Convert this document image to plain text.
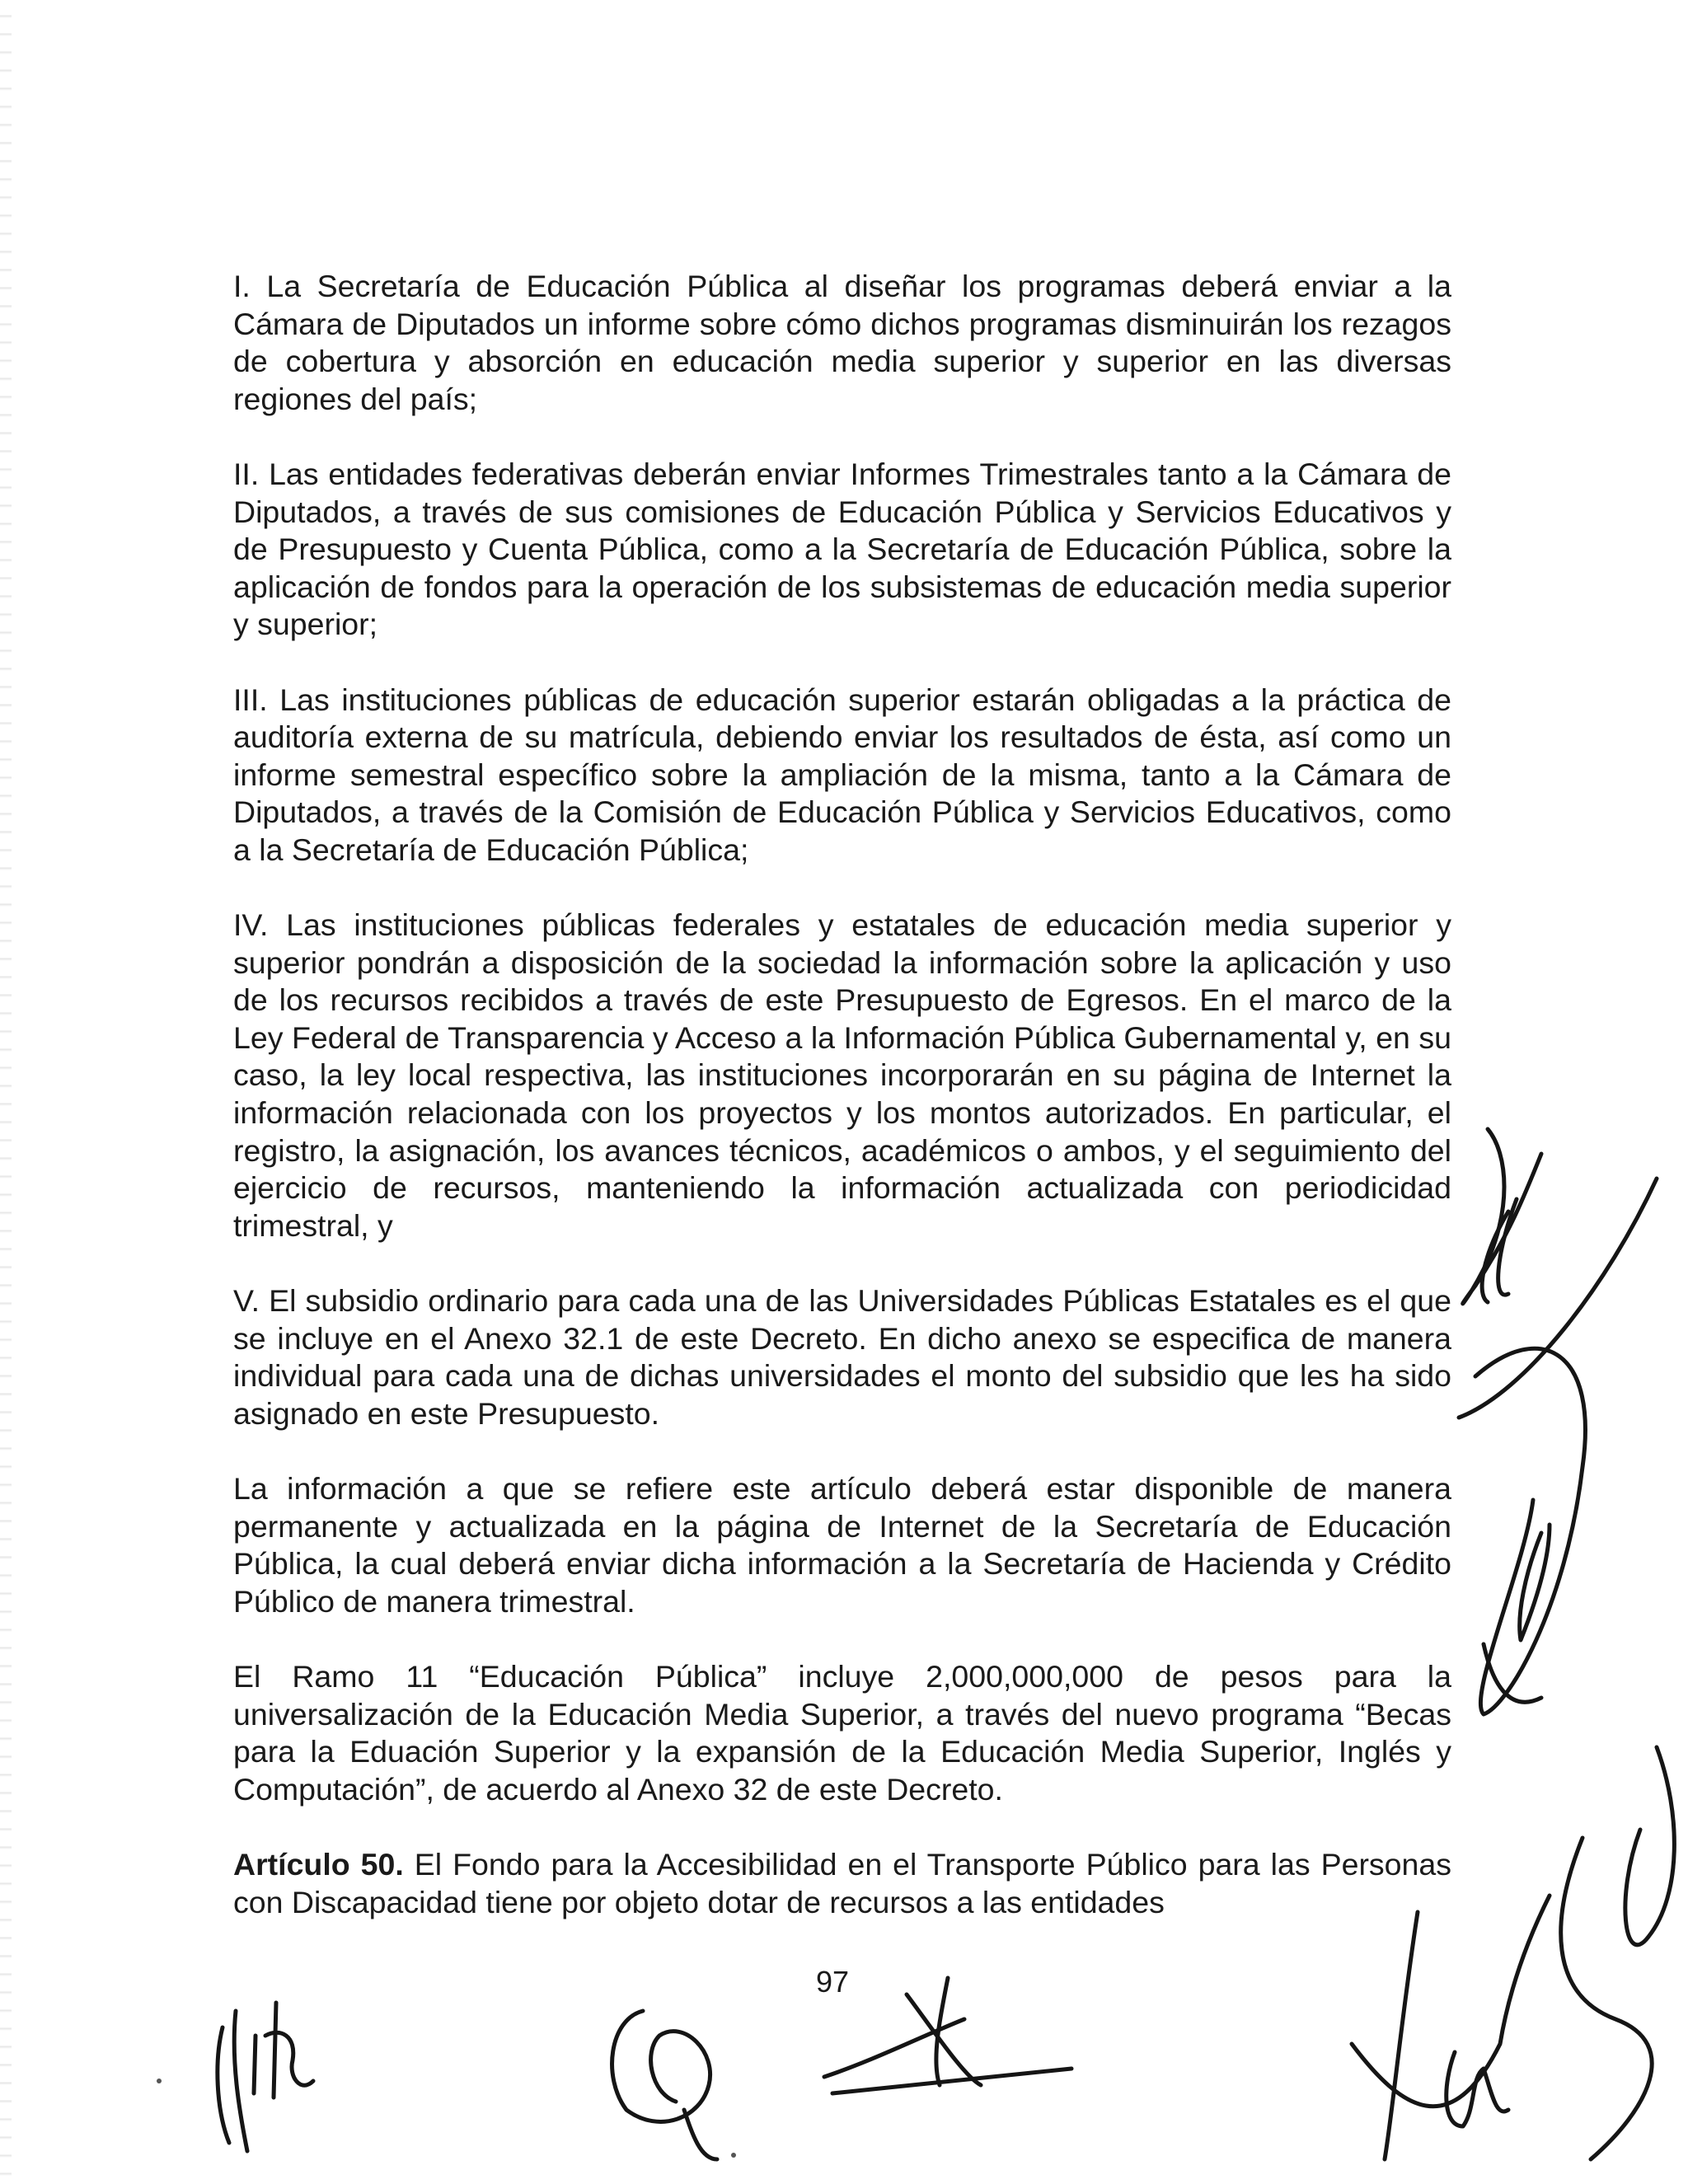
I. La Secretaría de Educación Pública al diseñar los programas deberá enviar a la Cámara de Diputados un informe sobre cómo dichos programas disminuirán los rezagos de cobertura y absorción en educación media superior y superior en las diversas regiones del país;

II. Las entidades federativas deberán enviar Informes Trimestrales tanto a la Cámara de Diputados, a través de sus comisiones de Educación Pública y Servicios Educativos y de Presupuesto y Cuenta Pública, como a la Secretaría de Educación Pública, sobre la aplicación de fondos para la operación de los subsistemas de educación media superior y superior;

III. Las instituciones públicas de educación superior estarán obligadas a la práctica de auditoría externa de su matrícula, debiendo enviar los resultados de ésta, así como un informe semestral específico sobre la ampliación de la misma, tanto a la Cámara de Diputados, a través de la Comisión de Educación Pública y Servicios Educativos, como a la Secretaría de Educación Pública;

IV. Las instituciones públicas federales y estatales de educación media superior y superior pondrán a disposición de la sociedad la información sobre la aplicación y uso de los recursos recibidos a través de este Presupuesto de Egresos. En el marco de la Ley Federal de Transparencia y Acceso a la Información Pública Gubernamental y, en su caso, la ley local respectiva, las instituciones incorporarán en su página de Internet la información relacionada con los proyectos y los montos autorizados. En particular, el registro, la asignación, los avances técnicos, académicos o ambos, y el seguimiento del ejercicio de recursos, manteniendo la información actualizada con periodicidad trimestral, y

V. El subsidio ordinario para cada una de las Universidades Públicas Estatales es el que se incluye en el Anexo 32.1 de este Decreto. En dicho anexo se especifica de manera individual para cada una de dichas universidades el monto del subsidio que les ha sido asignado en este Presupuesto.

La información a que se refiere este artículo deberá estar disponible de manera permanente y actualizada en la página de Internet de la Secretaría de Educación Pública, la cual deberá enviar dicha información a la Secretaría de Hacienda y Crédito Público de manera trimestral.

El Ramo 11 “Educación Pública” incluye 2,000,000,000 de pesos para la universalización de la Educación Media Superior, a través del nuevo programa “Becas para la Eduación Superior y la expansión de la Educación Media Superior, Inglés y Computación”, de acuerdo al Anexo 32 de este Decreto.

Artículo 50. El Fondo para la Accesibilidad en el Transporte Público para las Personas con Discapacidad tiene por objeto dotar de recursos a las entidades

97
